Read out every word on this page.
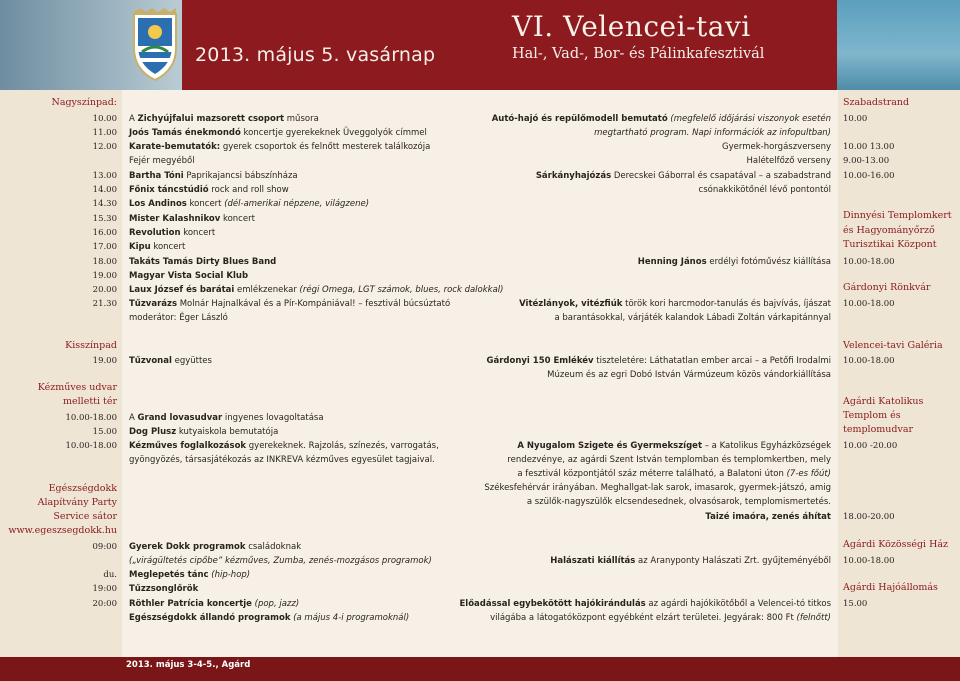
2013. május 5. vasárnap
VI. Velencei-tavi
Hal-, Vad-, Bor- és Pálinkafesztivál
Nagyszínpad:
Kisszínpad
Kézműves udvar
melletti tér
Egészségdokk
Alapítvány Party
Service sátor
www.egeszsegdokk.hu
10.00
11.00
12.00
13.00
14.00
14.30
15.30
16.00
17.00
18.00
19.00
20.00
21.30
19.00
10.00-18.00
15.00
10.00-18.00
09:00
du.
19:00
20:00
A Zichyújfalui mazsorett csoport műsora
Joós Tamás énekmondó koncertje gyerekeknek Üveggolyók címmel
Karate-bemutatók: gyerek csoportok és felnőtt mesterek találkozója
Fejér megyéből
Bartha Tóni Paprikajancsi bábszínháza
Főnix táncstúdió rock and roll show
Los Andinos koncert (dél-amerikai népzene, világzene)
Mister Kalashnikov koncert
Revolution koncert
Kipu koncert
Takáts Tamás Dirty Blues Band
Magyar Vista Social Klub
Laux József és barátai emlékzenekar (régi Omega, LGT számok, blues, rock dalokkal)
Tűzvarázs Molnár Hajnalkával és a Pír-Kompániával! – fesztivál búcsúztató
moderátor: Éger László
Tűzvonal együttes
A Grand lovasudvar ingyenes lovagoltatása
Dog Plusz kutyaiskola bemutatója
Kézműves foglalkozások gyerekeknek. Rajzolás, színezés, varrogatás,
gyöngyözés, társasjátékozás az INKREVA kézműves egyesület tagjaival.
Gyerek Dokk programok családoknak
(„virágültetés cipőbe” kézműves, Zumba, zenés-mozgásos programok)
Meglepetés tánc (hip-hop)
Tűzzsonglőrök
Röthler Patrícia koncertje (pop, jazz)
Egészségdokk állandó programok (a május 4-i programoknál)
Autó-hajó és repülőmodell bemutató (megfelelő időjárási viszonyok esetén
megtartható program. Napi információk az infopultban)
Gyermek-horgászverseny
Halételfőző verseny
Sárkányhajózás Derecskei Gáborral és csapatával – a szabadstrand
csónakkikötőnél lévő pontontól
Henning János erdélyi fotóművész kiállítása
Vitézlányok, vitézfiúk török kori harcmodor-tanulás és bajvívás, íjászat
a barantásokkal, várjáték kalandok Lábadi Zoltán várkapitánnyal
Gárdonyi 150 Emlékév tiszteletére: Láthatatlan ember arcai – a Petőfi Irodalmi
Múzeum és az egri Dobó István Vármúzeum közös vándorkiállítása
A Nyugalom Szigete és Gyermekszíget – a Katolikus Egyházközségek
rendezvénye, az agárdi Szent István templomban és templomkertben, mely
a fesztivál központjától száz méterre található, a Balatoni úton (7-es főút)
Székesfehérvár irányában. Meghallgat-lak sarok, imasarok, gyermek-játszó, amig
a szülők-nagyszülők elcsendesednek, olvasósarok, templomismertetés.
Taizé imaóra, zenés áhítat
Halászati kiállítás az Aranyponty Halászati Zrt. gyűjteményéből
Előadással egybekötött hajókirándulás az agárdi hajókikötőből a Velencei-tó titkos
világába a látogatóközpont egyébként elzárt területei. Jegyárak: 800 Ft (felnőtt)
Szabadstrand
Dinnyési Templomkert
és Hagyományőrző
Turisztikai Központ
Gárdonyi Rönkvár
Velencei-tavi Galéria
Agárdi Katolikus
Templom és
templomudvar
Agárdi Közösségi Ház
Agárdi Hajóállomás
10.00
10.00 13.00
9.00-13.00
10.00-16.00
10.00-18.00
10.00-18.00
10.00-18.00
10.00 -20.00
18.00-20.00
10.00-18.00
15.00
2013. május 3-4-5., Agárd
